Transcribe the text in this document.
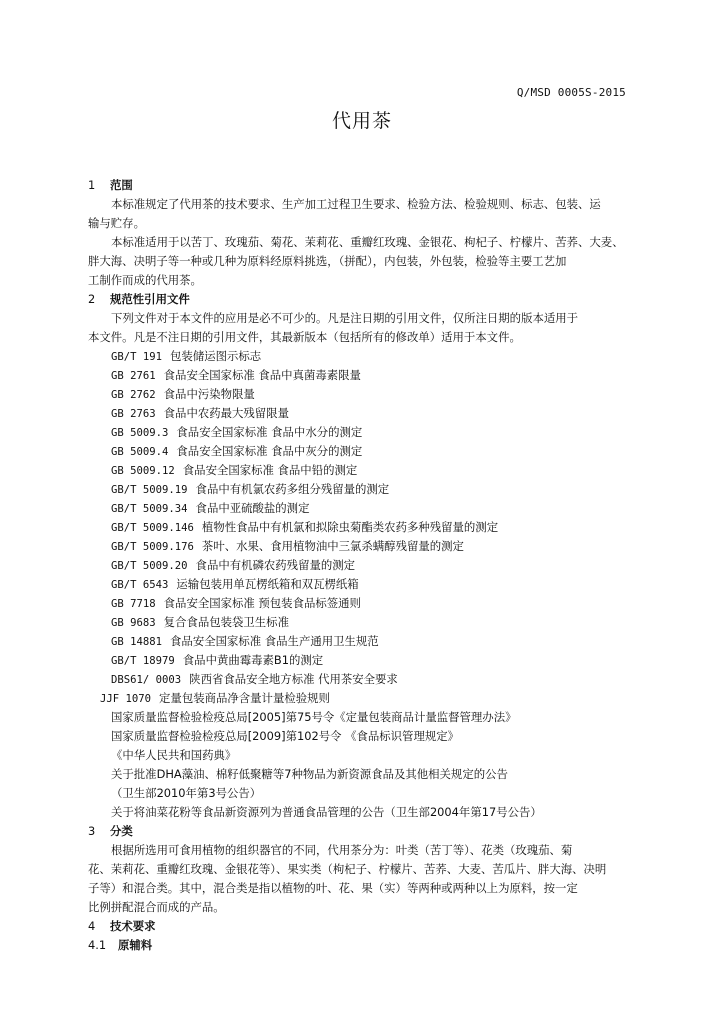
Q/MSD 0005S-2015
代用茶
1 范围
本标准规定了代用茶的技术要求、生产加工过程卫生要求、检验方法、检验规则、标志、包装、运
输与贮存。
本标准适用于以苦丁、玫瑰茄、菊花、茉莉花、重瓣红玫瑰、金银花、枸杞子、柠檬片、苦荞、大麦、
胖大海、决明子等一种或几种为原料经原料挑选，（拼配），内包装，外包装，检验等主要工艺加
工制作而成的代用茶。
2 规范性引用文件
下列文件对于本文件的应用是必不可少的。凡是注日期的引用文件，仅所注日期的版本适用于
本文件。凡是不注日期的引用文件，其最新版本（包括所有的修改单）适用于本文件。
GB/T 191 包装储运图示标志
GB 2761 食品安全国家标准 食品中真菌毒素限量
GB 2762 食品中污染物限量
GB 2763 食品中农药最大残留限量
GB 5009.3 食品安全国家标准 食品中水分的测定
GB 5009.4 食品安全国家标准 食品中灰分的测定
GB 5009.12 食品安全国家标准 食品中铅的测定
GB/T 5009.19 食品中有机氯农药多组分残留量的测定
GB/T 5009.34 食品中亚硫酸盐的测定
GB/T 5009.146 植物性食品中有机氯和拟除虫菊酯类农药多种残留量的测定
GB/T 5009.176 茶叶、水果、食用植物油中三氯杀螨醇残留量的测定
GB/T 5009.20 食品中有机磷农药残留量的测定
GB/T 6543 运输包装用单瓦楞纸箱和双瓦楞纸箱
GB 7718 食品安全国家标准 预包装食品标签通则
GB 9683 复合食品包装袋卫生标准
GB 14881 食品安全国家标准 食品生产通用卫生规范
GB/T 18979 食品中黄曲霉毒素B1的测定
DBS61/ 0003 陕西省食品安全地方标准 代用茶安全要求
JJF 1070 定量包装商品净含量计量检验规则
国家质量监督检验检疫总局[2005]第75号令《定量包装商品计量监督管理办法》
国家质量监督检验检疫总局[2009]第102号令 《食品标识管理规定》
《中华人民共和国药典》
关于批准DHA藻油、棉籽低聚糖等7种物品为新资源食品及其他相关规定的公告
（卫生部2010年第3号公告）
关于将油菜花粉等食品新资源列为普通食品管理的公告（卫生部2004年第17号公告）
3 分类
根据所选用可食用植物的组织器官的不同，代用茶分为：叶类（苦丁等）、花类（玫瑰茄、菊
花、茉莉花、重瓣红玫瑰、金银花等）、果实类（枸杞子、柠檬片、苦荞、大麦、苦瓜片、胖大海、决明
子等）和混合类。其中，混合类是指以植物的叶、花、果（实）等两种或两种以上为原料，按一定
比例拼配混合而成的产品。
4 技术要求
4.1 原辅料
